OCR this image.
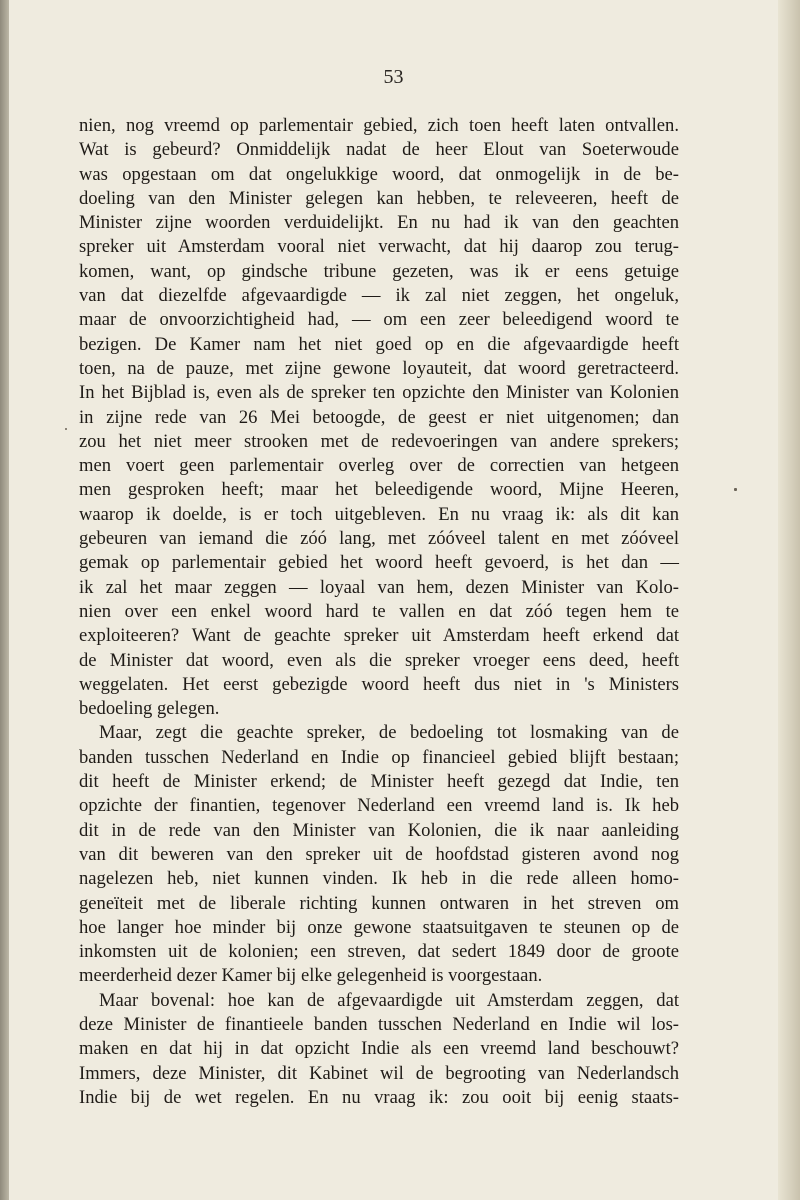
53
nien, nog vreemd op parlementair gebied, zich toen heeft laten ontvallen.
Wat is gebeurd? Onmiddelijk nadat de heer Elout van Soeterwoude
was opgestaan om dat ongelukkige woord, dat onmogelijk in de be-
doeling van den Minister gelegen kan hebben, te releveeren, heeft de
Minister zijne woorden verduidelijkt. En nu had ik van den geachten
spreker uit Amsterdam vooral niet verwacht, dat hij daarop zou terug-
komen, want, op gindsche tribune gezeten, was ik er eens getuige
van dat diezelfde afgevaardigde — ik zal niet zeggen, het ongeluk,
maar de onvoorzichtigheid had, — om een zeer beleedigend woord te
bezigen. De Kamer nam het niet goed op en die afgevaardigde heeft
toen, na de pauze, met zijne gewone loyauteit, dat woord geretracteerd.
In het Bijblad is, even als de spreker ten opzichte den Minister van Kolonien
in zijne rede van 26 Mei betoogde, de geest er niet uitgenomen; dan
zou het niet meer strooken met de redevoeringen van andere sprekers;
men voert geen parlementair overleg over de correctien van hetgeen
men gesproken heeft; maar het beleedigende woord, Mijne Heeren,
waarop ik doelde, is er toch uitgebleven. En nu vraag ik: als dit kan
gebeuren van iemand die zóó lang, met zóóveel talent en met zóóveel
gemak op parlementair gebied het woord heeft gevoerd, is het dan —
ik zal het maar zeggen — loyaal van hem, dezen Minister van Kolo-
nien over een enkel woord hard te vallen en dat zóó tegen hem te
exploiteeren? Want de geachte spreker uit Amsterdam heeft erkend dat
de Minister dat woord, even als die spreker vroeger eens deed, heeft
weggelaten. Het eerst gebezigde woord heeft dus niet in 's Ministers
bedoeling gelegen.
Maar, zegt die geachte spreker, de bedoeling tot losmaking van de
banden tusschen Nederland en Indie op financieel gebied blijft bestaan;
dit heeft de Minister erkend; de Minister heeft gezegd dat Indie, ten
opzichte der finantien, tegenover Nederland een vreemd land is. Ik heb
dit in de rede van den Minister van Kolonien, die ik naar aanleiding
van dit beweren van den spreker uit de hoofdstad gisteren avond nog
nagelezen heb, niet kunnen vinden. Ik heb in die rede alleen homo-
geneïteit met de liberale richting kunnen ontwaren in het streven om
hoe langer hoe minder bij onze gewone staatsuitgaven te steunen op de
inkomsten uit de kolonien; een streven, dat sedert 1849 door de groote
meerderheid dezer Kamer bij elke gelegenheid is voorgestaan.
Maar bovenal: hoe kan de afgevaardigde uit Amsterdam zeggen, dat
deze Minister de finantieele banden tusschen Nederland en Indie wil los-
maken en dat hij in dat opzicht Indie als een vreemd land beschouwt?
Immers, deze Minister, dit Kabinet wil de begrooting van Nederlandsch
Indie bij de wet regelen. En nu vraag ik: zou ooit bij eenig staats-
